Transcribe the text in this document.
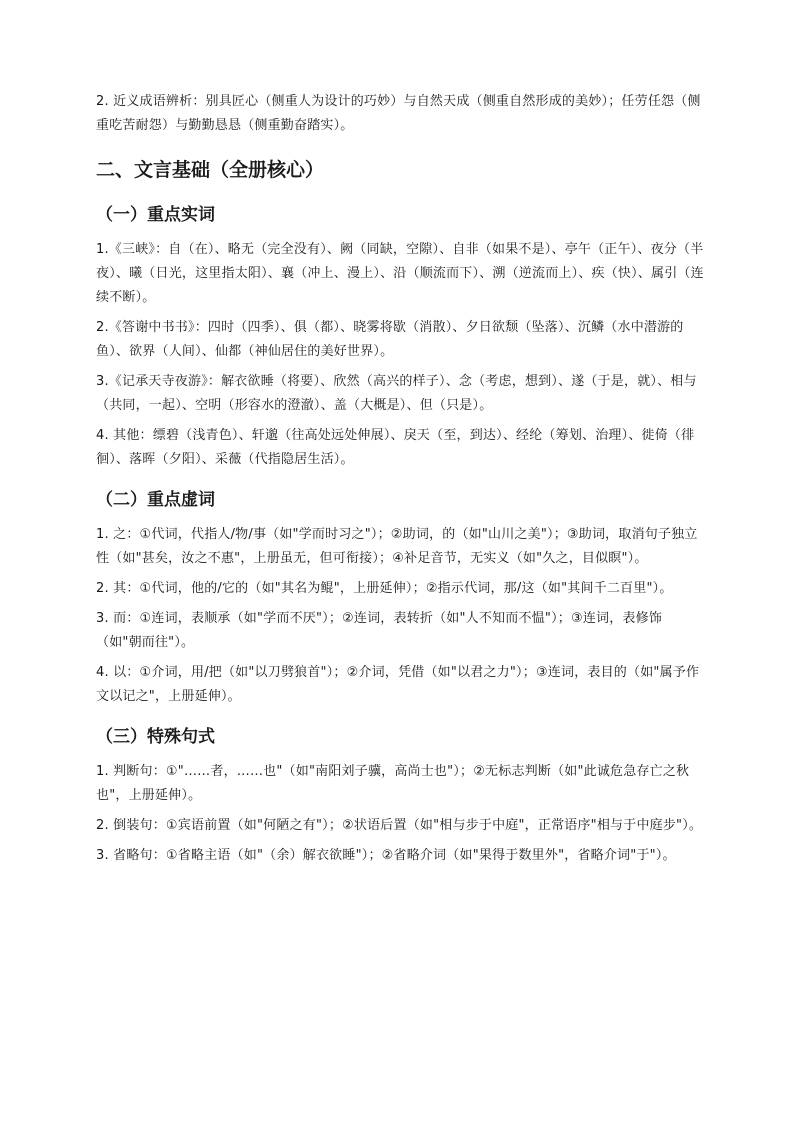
2. 近义成语辨析：别具匠心（侧重人为设计的巧妙）与自然天成（侧重自然形成的美妙）；任劳任怨（侧重吃苦耐怨）与勤勤恳恳（侧重勤奋踏实）。

二、文言基础（全册核心）
（一）重点实词

1.《三峡》：自（在）、略无（完全没有）、阙（同缺，空隙）、自非（如果不是）、亭午（正午）、夜分（半夜）、曦（日光，这里指太阳）、襄（冲上、漫上）、沿（顺流而下）、溯（逆流而上）、疾（快）、属引（连续不断）。

2.《答谢中书书》：四时（四季）、俱（都）、晓雾将歇（消散）、夕日欲颓（坠落）、沉鳞（水中潜游的鱼）、欲界（人间）、仙都（神仙居住的美好世界）。

3.《记承天寺夜游》：解衣欲睡（将要）、欣然（高兴的样子）、念（考虑，想到）、遂（于是，就）、相与（共同，一起）、空明（形容水的澄澈）、盖（大概是）、但（只是）。

4. 其他：缥碧（浅青色）、轩邈（往高处远处伸展）、戾天（至，到达）、经纶（筹划、治理）、徙倚（徘徊）、落晖（夕阳）、采薇（代指隐居生活）。

（二）重点虚词

1. 之：①代词，代指人/物/事（如"学而时习之"）；②助词，的（如"山川之美"）；③助词，取消句子独立性（如"甚矣，汝之不惠"，上册虽无，但可衔接）；④补足音节，无实义（如"久之，目似瞑"）。

2. 其：①代词，他的/它的（如"其名为鲲"，上册延伸）；②指示代词，那/这（如"其间千二百里"）。

3. 而：①连词，表顺承（如"学而不厌"）；②连词，表转折（如"人不知而不愠"）；③连词，表修饰（如"朝而往"）。

4. 以：①介词，用/把（如"以刀劈狼首"）；②介词，凭借（如"以君之力"）；③连词，表目的（如"属予作文以记之"，上册延伸）。

（三）特殊句式

1. 判断句：①"……者，……也"（如"南阳刘子骥，高尚士也"）；②无标志判断（如"此诚危急存亡之秋也"，上册延伸）。

2. 倒装句：①宾语前置（如"何陋之有"）；②状语后置（如"相与步于中庭"，正常语序"相与于中庭步"）。

3. 省略句：①省略主语（如"（余）解衣欲睡"）；②省略介词（如"果得于数里外"，省略介词"于"）。
